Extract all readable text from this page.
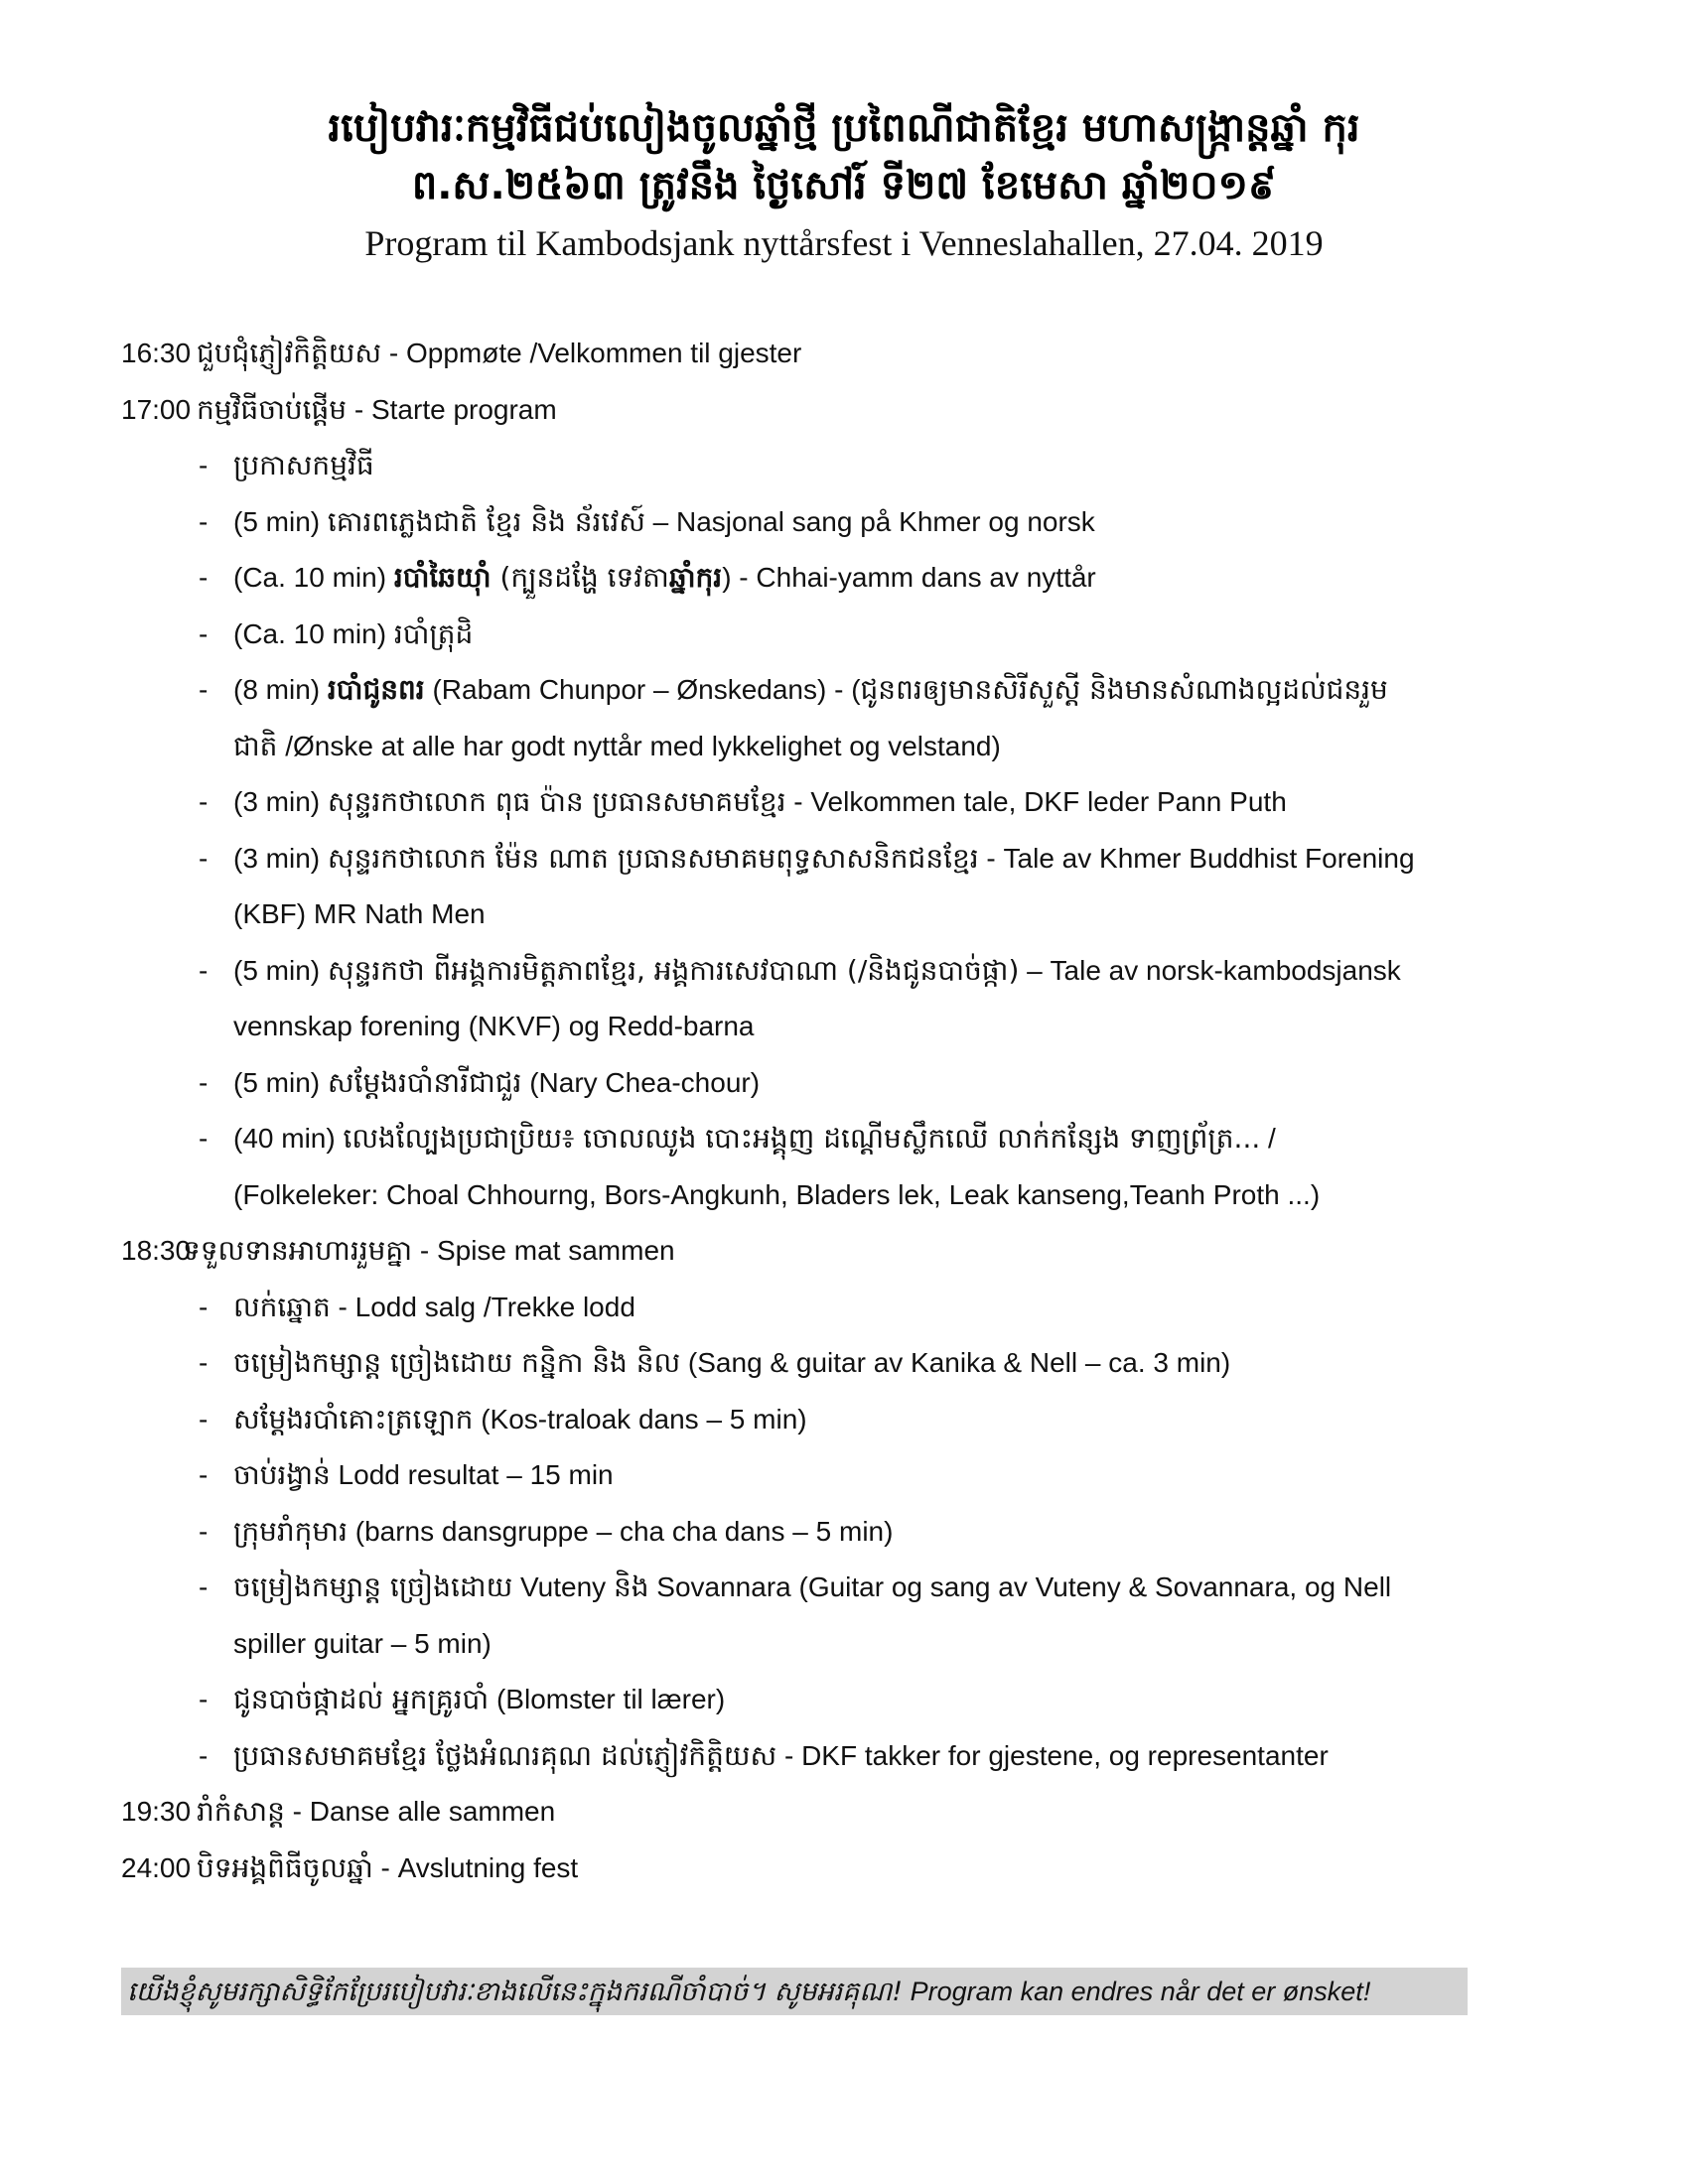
របៀបវារៈកម្មវិធីជប់លៀងចូលឆ្នាំថ្មី ប្រពៃណីជាតិខ្មែរ មហាសង្ក្រាន្តឆ្នាំ កុរ
ព.ស.២៥៦៣ ត្រូវនឹង ថ្ងៃសៅរ៍ ទី២៧ ខែមេសា ឆ្នាំ២០១៩
Program til Kambodsjank nyttårsfest i Venneslahallen, 27.04. 2019
16:30 ជួបជុំភ្ញៀវកិត្តិយស - Oppmøte /Velkommen til gjester
17:00 កម្មវិធីចាប់ផ្តើម - Starte program
- ប្រកាសកម្មវិធី
- (5 min) គោរពភ្លេងជាតិ ខ្មែរ និង ន័រវេស៍ – Nasjonal sang på Khmer og norsk
- (Ca. 10 min) របាំឆៃយ៉ាំ (ក្បួនដង្ហែ ទេវតាឆ្នាំកុរ) - Chhai-yamm dans av nyttår
- (Ca. 10 min) របាំត្រុដិ
- (8 min) របាំជូនពរ (Rabam Chunpor – Ønskedans) - (ជូនពរឲ្យមានសិរីសួស្តី និងមានសំណាងល្អដល់ជនរួម
ជាតិ /Ønske at alle har godt nyttår med lykkelighet og velstand)
- (3 min) សុន្ទរកថាលោក ពុធ ប៉ាន ប្រធានសមាគមខ្មែរ - Velkommen tale, DKF leder Pann Puth
- (3 min) សុន្ទរកថាលោក ម៉ែន ណាត ប្រធានសមាគមពុទ្ធសាសនិកជនខ្មែរ - Tale av Khmer Buddhist Forening
(KBF) MR Nath Men
- (5 min) សុន្ទរកថា ពីអង្គការមិត្តភាពខ្មែរ, អង្គការសេវបាណា (/និងជូនបាច់ផ្កា) – Tale av norsk-kambodsjansk
vennskap forening (NKVF) og Redd-barna
- (5 min) សម្តែងរបាំនារីជាជួរ (Nary Chea-chour)
- (40 min) លេងល្បែងប្រជាប្រិយ៖ ចោលឈូង បោះអង្គុញ ដណ្តើមស្លឹកឈើ លាក់កន្សែង ទាញព្រ័ត្រ... /
(Folkeleker: Choal Chhourng, Bors-Angkunh, Bladers lek, Leak kanseng,Teanh Proth ...)
18:30ទទួលទានអាហាររួមគ្នា - Spise mat sammen
- លក់ឆ្នោត - Lodd salg /Trekke lodd
- ចម្រៀងកម្សាន្ត ច្រៀងដោយ កន្និកា និង និល (Sang & guitar av Kanika & Nell – ca. 3 min)
- សម្តែងរបាំគោះត្រឡោក (Kos-traloak dans – 5 min)
- ចាប់រង្វាន់ Lodd resultat – 15 min
- ក្រុមរាំកុមារ (barns dansgruppe – cha cha dans – 5 min)
- ចម្រៀងកម្សាន្ត ច្រៀងដោយ Vuteny និង Sovannara (Guitar og sang av Vuteny & Sovannara, og Nell
spiller guitar – 5 min)
- ជូនបាច់ផ្កាដល់ អ្នកគ្រូរបាំ (Blomster til lærer)
- ប្រធានសមាគមខ្មែរ ថ្លែងអំណរគុណ ដល់ភ្ញៀវកិត្តិយស - DKF takker for gjestene, og representanter
19:30 រាំកំសាន្ត - Danse alle sammen
24:00 បិទអង្គពិធីចូលឆ្នាំ - Avslutning fest
យើងខ្ញុំសូមរក្សាសិទ្ធិកែប្រែរបៀបវារៈខាងលើនេះក្នុងករណីចាំបាច់។ សូមអរគុណ! Program kan endres når det er ønsket!
